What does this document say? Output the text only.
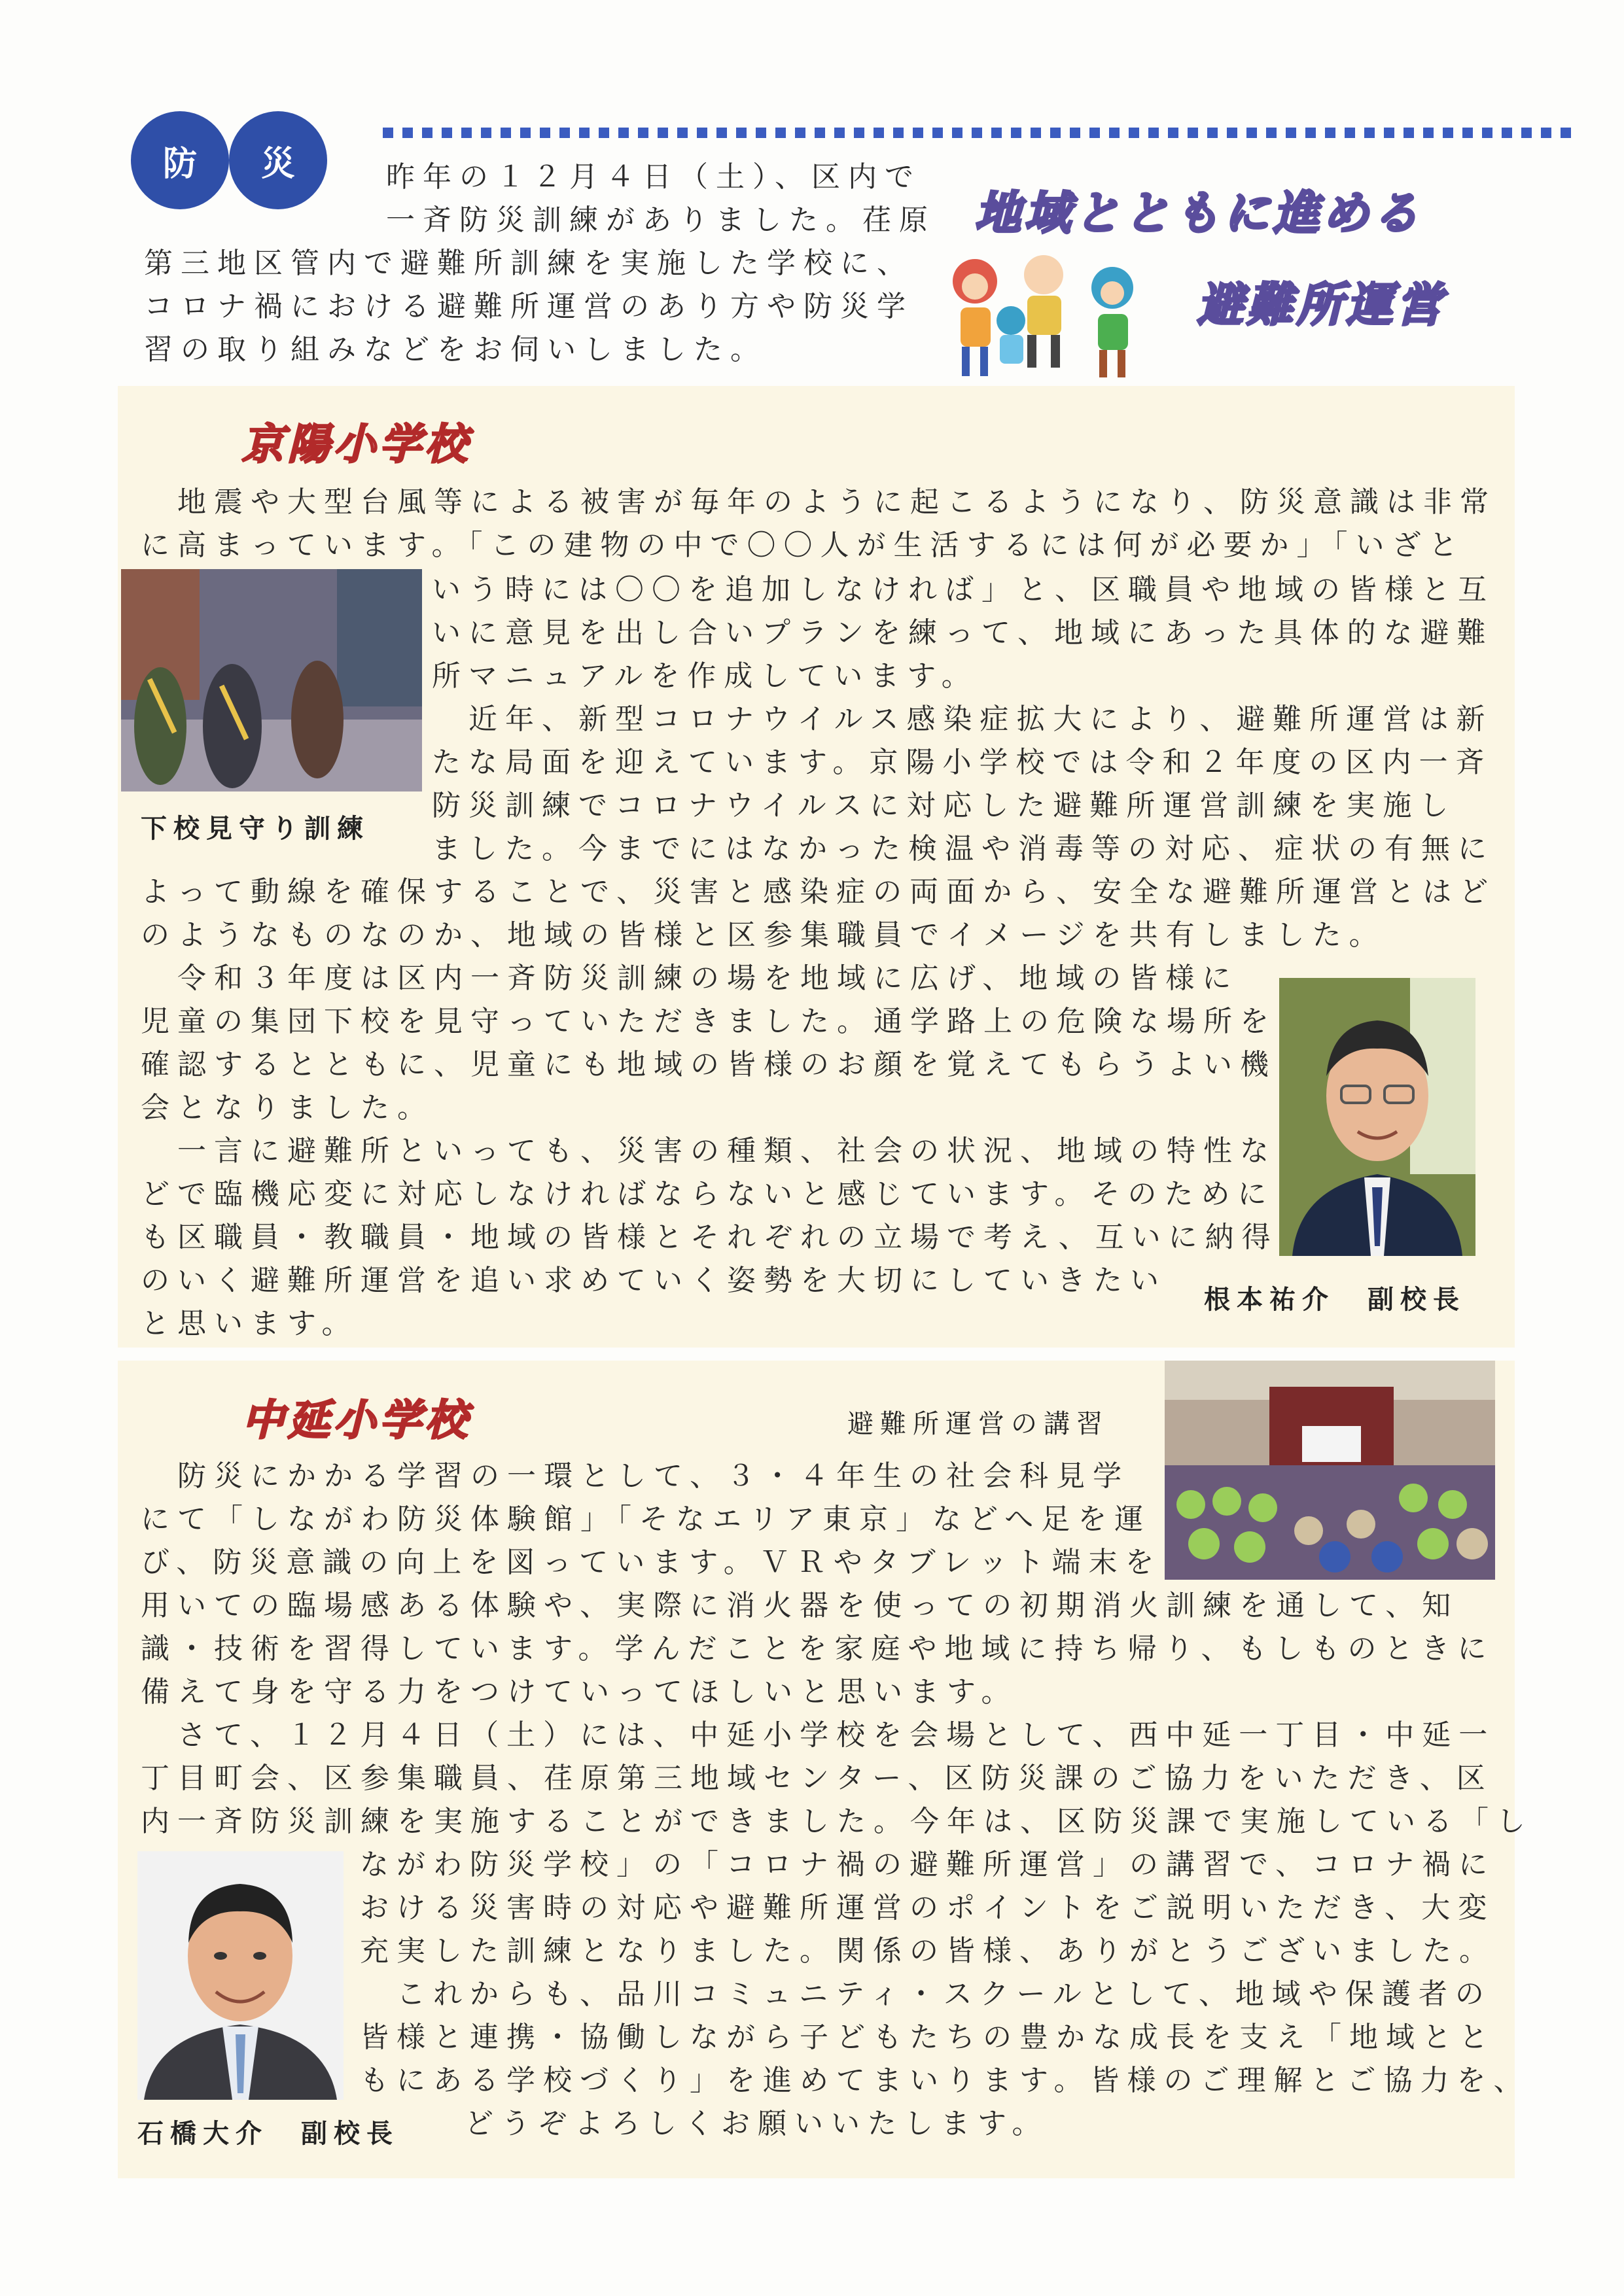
防	災	昨年の１２月４日（土）、区内で
一斉防災訓練がありました。荏原
第三地区管内で避難所訓練を実施した学校に、
コロナ禍における避難所運営のあり方や防災学
習の取り組みなどをお伺いしました。
地域とともに進める
避難所運営
京陽小学校
地震や大型台風等による被害が毎年のように起こるようになり、防災意識は非常
に高まっています。「この建物の中で〇〇人が生活するには何が必要か」「いざと
下校見守り訓練
いう時には〇〇を追加しなければ」と、区職員や地域の皆様と互
いに意見を出し合いプランを練って、地域にあった具体的な避難
所マニュアルを作成しています。
近年、新型コロナウイルス感染症拡大により、避難所運営は新
たな局面を迎えています。京陽小学校では令和２年度の区内一斉
防災訓練でコロナウイルスに対応した避難所運営訓練を実施し
ました。今までにはなかった検温や消毒等の対応、症状の有無に
よって動線を確保することで、災害と感染症の両面から、安全な避難所運営とはど
のようなものなのか、地域の皆様と区参集職員でイメージを共有しました。
令和３年度は区内一斉防災訓練の場を地域に広げ、地域の皆様に
児童の集団下校を見守っていただきました。通学路上の危険な場所を
確認するとともに、児童にも地域の皆様のお顔を覚えてもらうよい機
会となりました。
一言に避難所といっても、災害の種類、社会の状況、地域の特性な
どで臨機応変に対応しなければならないと感じています。そのために
も区職員・教職員・地域の皆様とそれぞれの立場で考え、互いに納得
のいく避難所運営を追い求めていく姿勢を大切にしていきたい
と思います。
根本祐介　副校長
中延小学校	避難所運営の講習
防災にかかる学習の一環として、３・４年生の社会科見学
にて「しながわ防災体験館」「そなエリア東京」などへ足を運
び、防災意識の向上を図っています。ＶＲやタブレット端末を
用いての臨場感ある体験や、実際に消火器を使っての初期消火訓練を通して、知
識・技術を習得しています。学んだことを家庭や地域に持ち帰り、もしものときに
備えて身を守る力をつけていってほしいと思います。
さて、１２月４日（土）には、中延小学校を会場として、西中延一丁目・中延一
丁目町会、区参集職員、荏原第三地域センター、区防災課のご協力をいただき、区
内一斉防災訓練を実施することができました。今年は、区防災課で実施している「し
石橋大介　副校長
ながわ防災学校」の「コロナ禍の避難所運営」の講習で、コロナ禍に
おける災害時の対応や避難所運営のポイントをご説明いただき、大変
充実した訓練となりました。関係の皆様、ありがとうございました。
これからも、品川コミュニティ・スクールとして、地域や保護者の
皆様と連携・協働しながら子どもたちの豊かな成長を支え「地域とと
もにある学校づくり」を進めてまいります。皆様のご理解とご協力を、
どうぞよろしくお願いいたします。
